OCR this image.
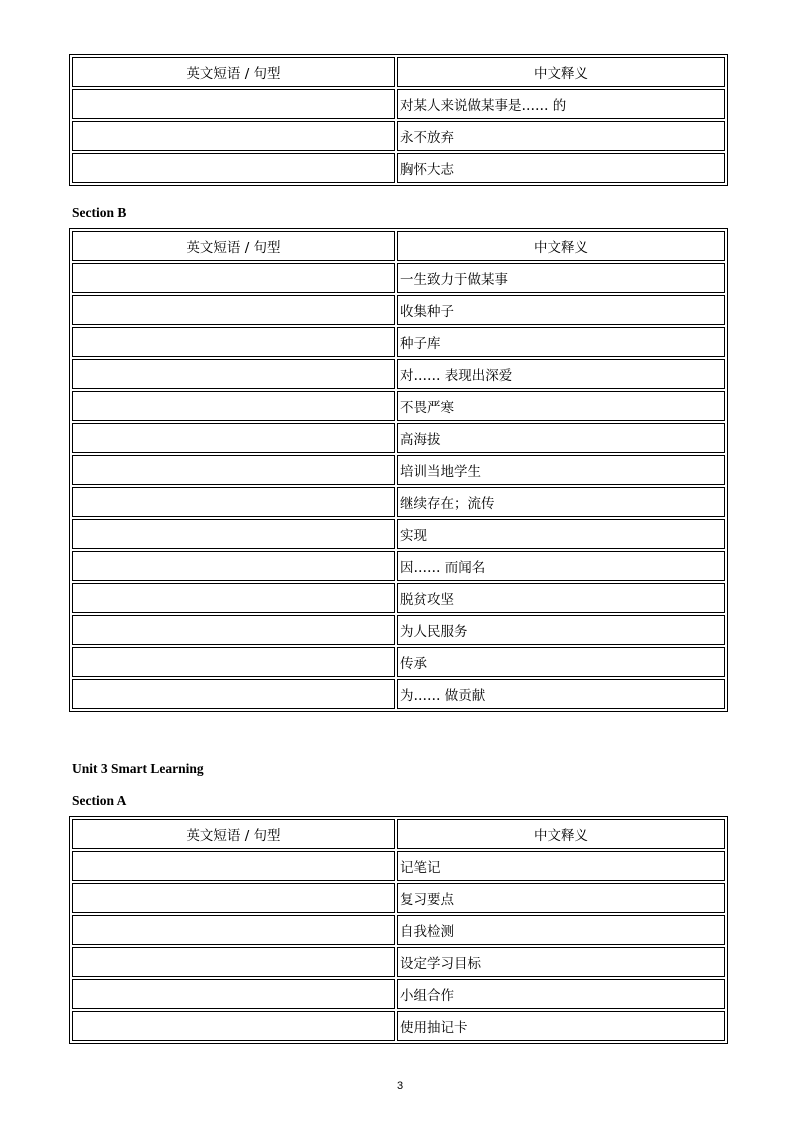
英文短语 / 句型	中文释义
	对某人来说做某事是…… 的
	永不放弃
	胸怀大志
Section B
英文短语 / 句型	中文释义
	一生致力于做某事
	收集种子
	种子库
	对…… 表现出深爱
	不畏严寒
	高海拔
	培训当地学生
	继续存在；流传
	实现
	因…… 而闻名
	脱贫攻坚
	为人民服务
	传承
	为…… 做贡献
Unit 3 Smart Learning
Section A
英文短语 / 句型	中文释义
	记笔记
	复习要点
	自我检测
	设定学习目标
	小组合作
	使用抽记卡
3
